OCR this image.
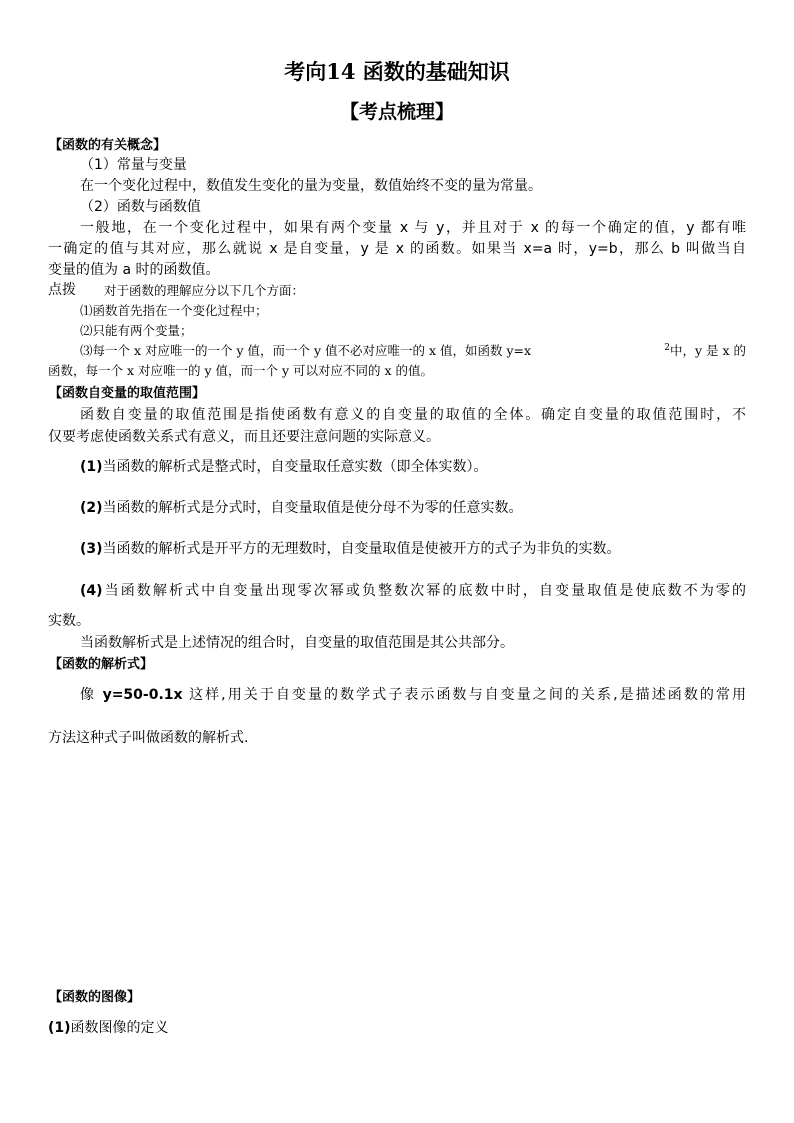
考向14 函数的基础知识
【考点梳理】
【函数的有关概念】
（1）常量与变量
在一个变化过程中，数值发生变化的量为变量，数值始终不变的量为常量。
（2）函数与函数值
一般地，在一个变化过程中，如果有两个变量 x 与 y，并且对于 x 的每一个确定的值，y 都有唯
一确定的值与其对应，那么就说 x 是自变量，y 是 x 的函数。如果当 x=a 时，y=b，那么 b 叫做当自
变量的值为 a 时的函数值。
点拨 对于函数的理解应分以下几个方面：
⑴函数首先指在一个变化过程中；
⑵只能有两个变量；
⑶每一个 x 对应唯一的一个 y 值，而一个 y 值不必对应唯一的 x 值，如函数 y=x	$^2$中，y 是 x 的
函数，每一个 x 对应唯一的 y 值，而一个 y 可以对应不同的 x 的值。
【函数自变量的取值范围】
函数自变量的取值范围是指使函数有意义的自变量的取值的全体。确定自变量的取值范围时，不
仅要考虑使函数关系式有意义，而且还要注意问题的实际意义。
(1)当函数的解析式是整式时，自变量取任意实数（即全体实数）。
(2)当函数的解析式是分式时，自变量取值是使分母不为零的任意实数。
(3)当函数的解析式是开平方的无理数时，自变量取值是使被开方的式子为非负的实数。
(4)当函数解析式中自变量出现零次幂或负整数次幂的底数中时，自变量取值是使底数不为零的
实数。
当函数解析式是上述情况的组合时，自变量的取值范围是其公共部分。
【函数的解析式】
像 y=50-0.1x 这样,用关于自变量的数学式子表示函数与自变量之间的关系,是描述函数的常用
方法这种式子叫做函数的解析式.
【函数的图像】
(1)函数图像的定义
